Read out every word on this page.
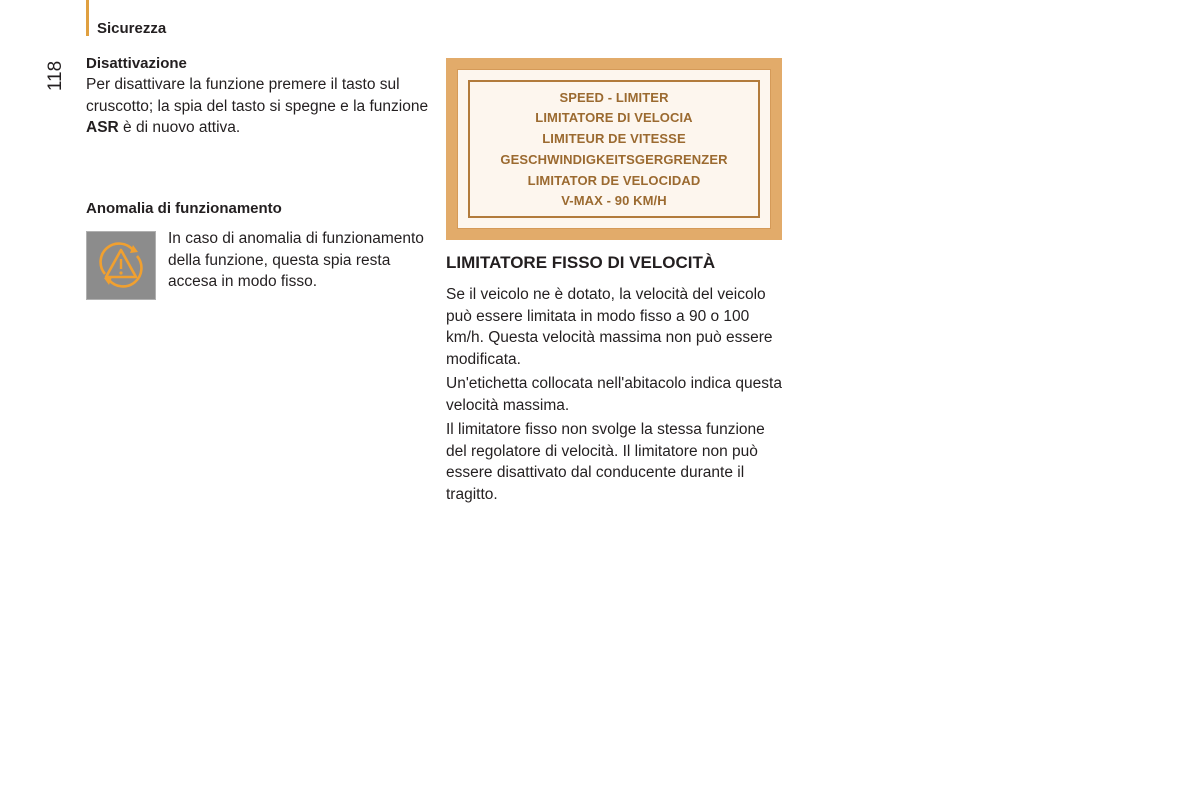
Sicurezza
118	Disattivazione

Per disattivare la funzione premere il tasto sul cruscotto; la spia del tasto si spegne e la funzione ASR è di nuovo attiva.

Anomalia di funzionamento

In caso di anomalia di funzionamento della funzione, questa spia resta accesa in modo fisso.

SPEED - LIMITER
LIMITATORE DI VELOCIA
LIMITEUR DE VITESSE
GESCHWINDIGKEITSGERGRENZER
LIMITATOR DE VELOCIDAD
V-MAX - 90 KM/H
LIMITATORE FISSO DI VELOCITÀ

Se il veicolo ne è dotato, la velocità del veicolo può essere limitata in modo fisso a 90 o 100 km/h. Questa velocità massima non può essere modificata.

Un'etichetta collocata nell'abitacolo indica questa velocità massima.

Il limitatore fisso non svolge la stessa funzione del regolatore di velocità. Il limitatore non può essere disattivato dal conducente durante il tragitto.
